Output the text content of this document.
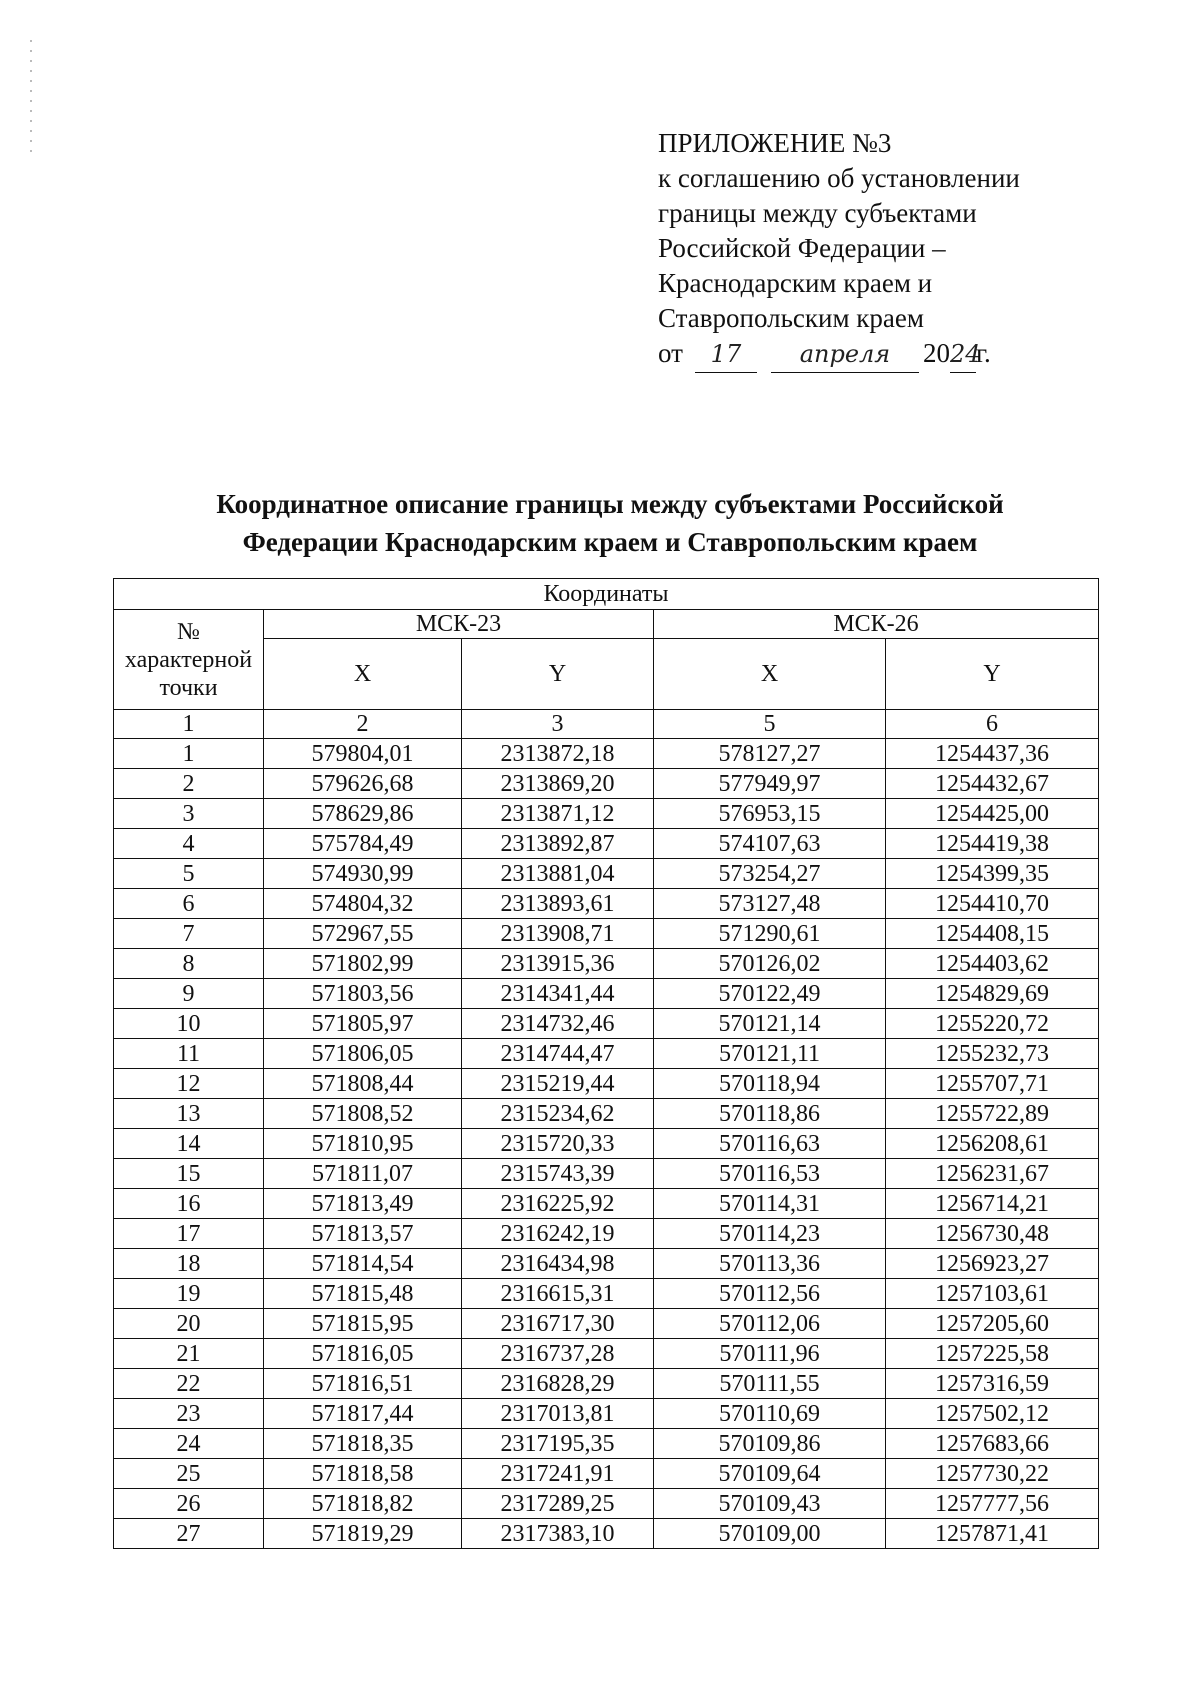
ПРИЛОЖЕНИЕ №3
к соглашению об установлении
границы между субъектами
Российской Федерации –
Краснодарским краем и
Ставропольским краем
от 17 апреля 2024г.
Координатное описание границы между субъектами Российской
Федерации Краснодарским краем и Ставропольским краем
Координаты				
№ характерной точки	МСК-23		МСК-26	
	X	Y	X	Y
1	2	3	5	6
1	579804,01	2313872,18	578127,27	1254437,36
2	579626,68	2313869,20	577949,97	1254432,67
3	578629,86	2313871,12	576953,15	1254425,00
4	575784,49	2313892,87	574107,63	1254419,38
5	574930,99	2313881,04	573254,27	1254399,35
6	574804,32	2313893,61	573127,48	1254410,70
7	572967,55	2313908,71	571290,61	1254408,15
8	571802,99	2313915,36	570126,02	1254403,62
9	571803,56	2314341,44	570122,49	1254829,69
10	571805,97	2314732,46	570121,14	1255220,72
11	571806,05	2314744,47	570121,11	1255232,73
12	571808,44	2315219,44	570118,94	1255707,71
13	571808,52	2315234,62	570118,86	1255722,89
14	571810,95	2315720,33	570116,63	1256208,61
15	571811,07	2315743,39	570116,53	1256231,67
16	571813,49	2316225,92	570114,31	1256714,21
17	571813,57	2316242,19	570114,23	1256730,48
18	571814,54	2316434,98	570113,36	1256923,27
19	571815,48	2316615,31	570112,56	1257103,61
20	571815,95	2316717,30	570112,06	1257205,60
21	571816,05	2316737,28	570111,96	1257225,58
22	571816,51	2316828,29	570111,55	1257316,59
23	571817,44	2317013,81	570110,69	1257502,12
24	571818,35	2317195,35	570109,86	1257683,66
25	571818,58	2317241,91	570109,64	1257730,22
26	571818,82	2317289,25	570109,43	1257777,56
27	571819,29	2317383,10	570109,00	1257871,41
